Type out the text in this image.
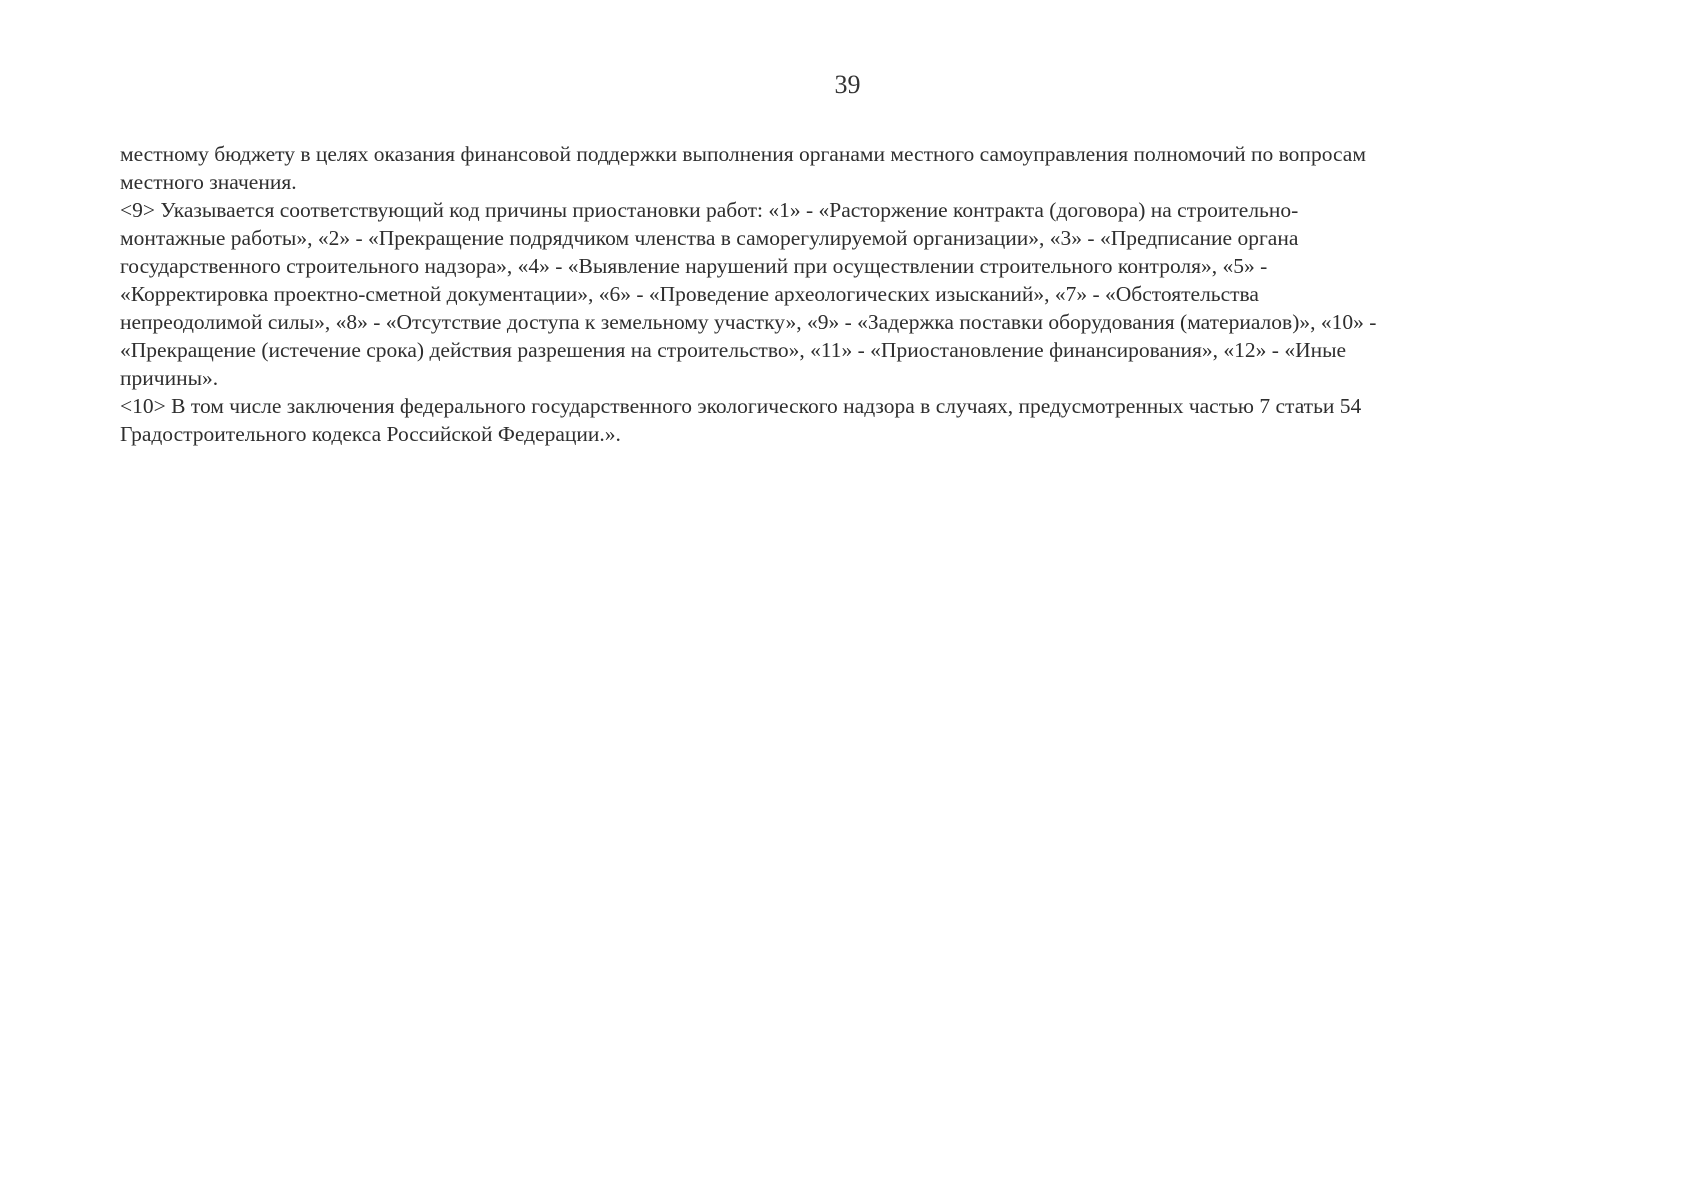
39
местному бюджету в целях оказания финансовой поддержки выполнения органами местного самоуправления полномочий по вопросам
местного значения.
<9> Указывается соответствующий код причины приостановки работ: «1» - «Расторжение контракта (договора) на строительно-
монтажные работы», «2» - «Прекращение подрядчиком членства в саморегулируемой организации», «3» - «Предписание органа
государственного строительного надзора», «4» - «Выявление нарушений при осуществлении строительного контроля», «5» -
«Корректировка проектно-сметной документации», «6» - «Проведение археологических изысканий», «7» - «Обстоятельства
непреодолимой силы», «8» - «Отсутствие доступа к земельному участку», «9» - «Задержка поставки оборудования (материалов)», «10» -
«Прекращение (истечение срока) действия разрешения на строительство», «11» - «Приостановление финансирования», «12» - «Иные
причины».
<10> В том числе заключения федерального государственного экологического надзора в случаях, предусмотренных частью 7 статьи 54
Градостроительного кодекса Российской Федерации.».
